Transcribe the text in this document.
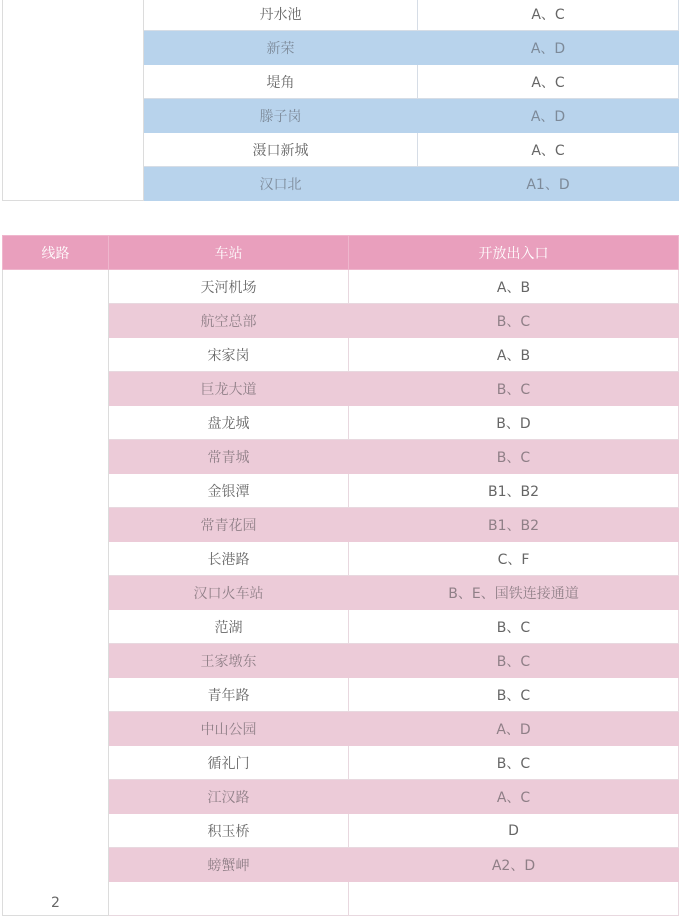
	丹水池	A、C
	新荣	A、D
	堤角	A、C
	滕子岗	A、D
	滠口新城	A、C
	汉口北	A1、D
线路	车站	开放出入口
2	天河机场	A、B
	航空总部	B、C
	宋家岗	A、B
	巨龙大道	B、C
	盘龙城	B、D
	常青城	B、C
	金银潭	B1、B2
	常青花园	B1、B2
	长港路	C、F
	汉口火车站	B、E、国铁连接通道
	范湖	B、C
	王家墩东	B、C
	青年路	B、C
	中山公园	A、D
	循礼门	B、C
	江汉路	A、C
	积玉桥	D
	螃蟹岬	A2、D
